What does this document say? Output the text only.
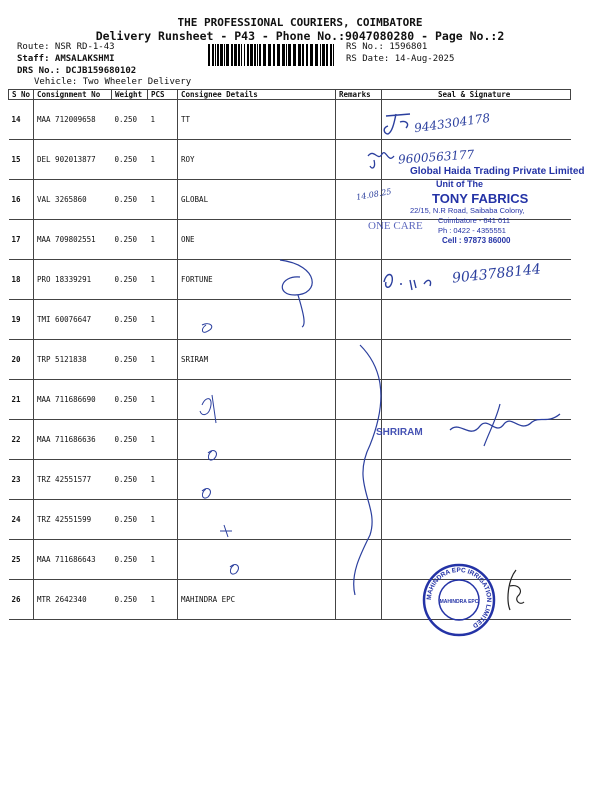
THE PROFESSIONAL COURIERS, COIMBATORE
Delivery Runsheet - P43 - Phone No.:9047080280 - Page No.:2
Route: NSR RD-1-43
Staff: AMSALAKSHMI
DRS No.: DCJB159680102
Vehicle: Two Wheeler Delivery
RS No.: 1596801
RS Date: 14-Aug-2025
S No	Consignment No	Weight	PCS	Consignee Details	Remarks	Seal & Signature
14	MAA 712009658	0.250	1	TT		
15	DEL 902013877	0.250	1	ROY		
16	VAL 3265860	0.250	1	GLOBAL		
17	MAA 709802551	0.250	1	ONE		
18	PRO 18339291	0.250	1	FORTUNE		
19	TMI 60076647	0.250	1			
20	TRP 5121838	0.250	1	SRIRAM		
21	MAA 711686690	0.250	1			
22	MAA 711686636	0.250	1			
23	TRZ 42551577	0.250	1			
24	TRZ 42551599	0.250	1			
25	MAA 711686643	0.250	1			
26	MTR 2642340	0.250	1	MAHINDRA EPC		
9443304178
9600563177
Global Haida Trading Private Limited
Unit of The
TONY FABRICS
22/15, N.R Road, Saibaba Colony,
Coimbatore - 641 011
Ph : 0422 - 4355551
Cell : 97873 86000
ONE CARE
14.08.25
9043788144
SHRIRAM
MAHINDRA EPC IRRIGATION LIMITED
MAHINDRA EPC
